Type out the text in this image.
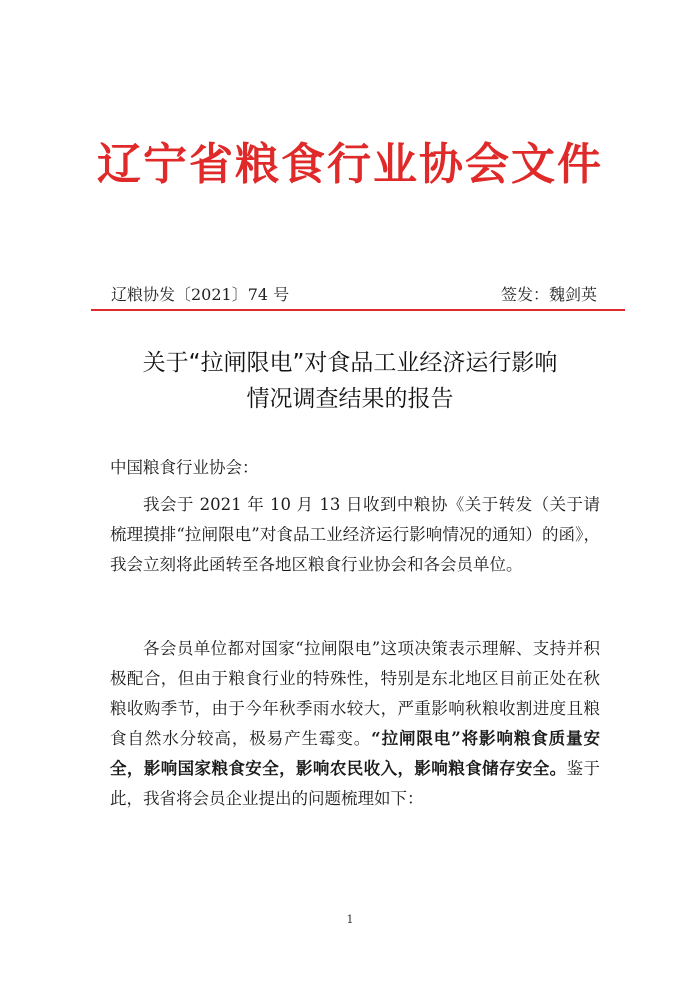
辽宁省粮食行业协会文件
辽粮协发〔2021〕74 号	签发：魏剑英
关于“拉闸限电”对食品工业经济运行影响
情况调查结果的报告
中国粮食行业协会：

我会于 2021 年 10 月 13 日收到中粮协《关于转发（关于请梳理摸排“拉闸限电”对食品工业经济运行影响情况的通知）的函》，我会立刻将此函转至各地区粮食行业协会和各会员单位。

各会员单位都对国家“拉闸限电”这项决策表示理解、支持并积极配合，但由于粮食行业的特殊性，特别是东北地区目前正处在秋粮收购季节，由于今年秋季雨水较大，严重影响秋粮收割进度且粮食自然水分较高，极易产生霉变。“拉闸限电”将影响粮食质量安全，影响国家粮食安全，影响农民收入，影响粮食储存安全。鉴于此，我省将会员企业提出的问题梳理如下：

1
